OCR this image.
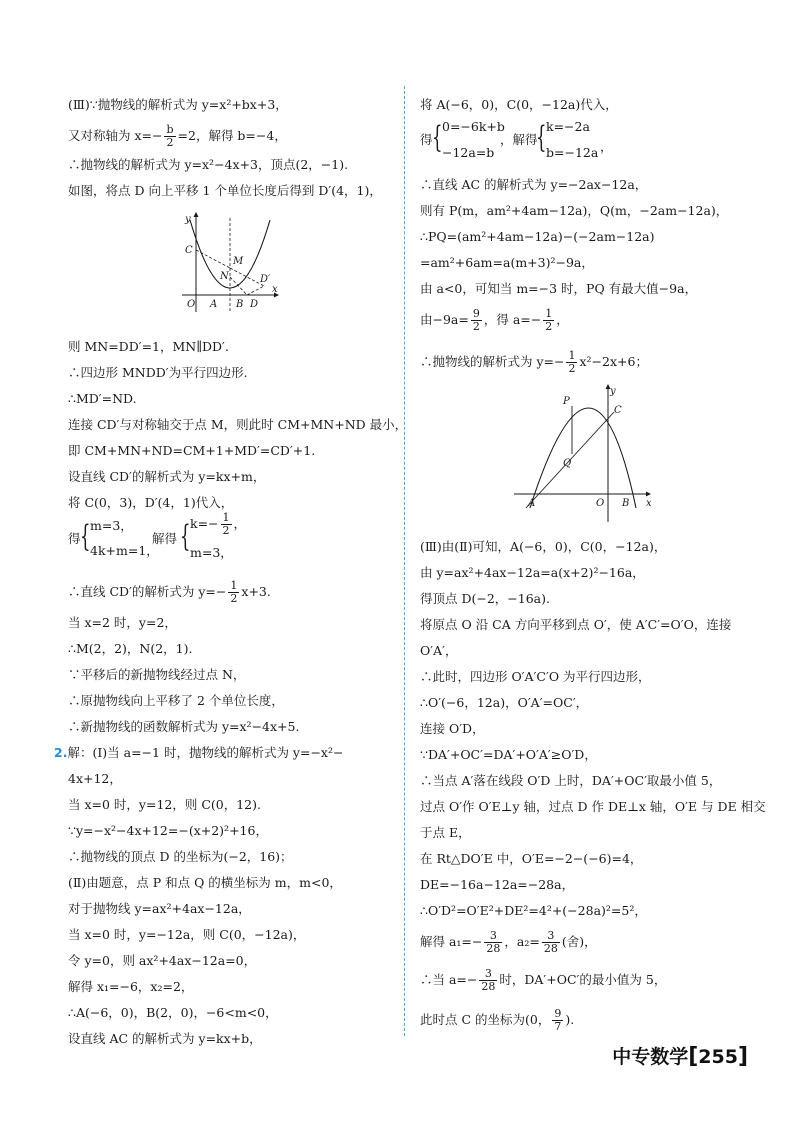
(Ⅲ)∵抛物线的解析式为 y=x²+bx+3，
又对称轴为 $x=- \frac{b}{2} =2$，解得 b=−4，
∴抛物线的解析式为 y=x²−4x+3，顶点(2，−1).
如图，将点 D 向上平移 1 个单位长度后得到 D′(4，1)，
y
x
C
M
N	D′
O A B D
则 MN=DD′=1，MN∥DD′.
∴四边形 MNDD′为平行四边形.
∴MD′=ND.
连接 CD′与对称轴交于点 M，则此时 CM+MN+ND 最小，
即 CM+MN+ND=CM+1+MD′=CD′+1.
设直线 CD′的解析式为 y=kx+m，
将 C(0，3)，D′(4，1)代入，
得 { m=3，
4k+m=1，
解得 { $k=- \frac{1}{2}$ ，
m=3，
∴直线 CD′的解析式为 $y=- \frac{1}{2} x+3$.
当 x=2 时，y=2，
∴M(2，2)，N(2，1).
∵平移后的新抛物线经过点 N，
∴原抛物线向上平移了 2 个单位长度，
∴新抛物线的函数解析式为 y=x²−4x+5.
2.解：(Ⅰ)当 a=−1 时，抛物线的解析式为 y=−x²−
4x+12，
当 x=0 时，y=12，则 C(0，12).
∵y=−x²−4x+12=−(x+2)²+16，
∴抛物线的顶点 D 的坐标为(−2，16)；
(Ⅱ)由题意，点 P 和点 Q 的横坐标为 m，m<0，
对于抛物线 y=ax²+4ax−12a，
当 x=0 时，y=−12a，则 C(0，−12a)，
令 y=0，则 ax²+4ax−12a=0，
解得 x₁=−6，x₂=2，
∴A(−6，0)，B(2，0)，−6<m<0，
设直线 AC 的解析式为 y=kx+b，
将 A(−6，0)，C(0，−12a)代入，
得 { 0=−6k+b
−12a=b
，解得
{ k=−2a
b=−12a ，
∴直线 AC 的解析式为 y=−2ax−12a，
则有 P(m，am²+4am−12a)，Q(m，−2am−12a)，
∴PQ=(am²+4am−12a)−(−2am−12a)
=am²+6am=a(m+3)²−9a，
由 a<0，可知当 m=−3 时，PQ 有最大值−9a，
由$-9a= \frac{9}{2}$ ，得 $a=- \frac{1}{2}$ ，
∴抛物线的解析式为 $y=- \frac{1}{2} x^2-2x+6$；
y
x
P
C
Q
A	O B
(Ⅲ)由(Ⅱ)可知，A(−6，0)，C(0，−12a)，
由 y=ax²+4ax−12a=a(x+2)²−16a，
得顶点 D(−2，−16a).
将原点 O 沿 CA 方向平移到点 O′，使 A′C′=O′O，连接
O′A′，
∴此时，四边形 O′A′C′O 为平行四边形，
∴O′(−6，12a)，O′A′=OC′，
连接 O′D，
∵DA′+OC′=DA′+O′A′≥O′D，
∴当点 A′落在线段 O′D 上时，DA′+OC′取最小值 5，
过点 O′作 O′E⊥y 轴，过点 D 作 DE⊥x 轴，O′E 与 DE 相交
于点 E，
在 Rt△DO′E 中，O′E=−2−(−6)=4，
DE=−16a−12a=−28a，
∴O′D²=O′E²+DE²=4²+(−28a)²=5²，
解得 $a_1=- \frac{3}{28}$ ，$a_2= \frac{3}{28}$ (舍)，
∴当 $a=- \frac{3}{28}$ 时，DA′+OC′的最小值为 5，
此时点 C 的坐标为(0， $\frac{9}{7}$ ).
中专数学[255]
